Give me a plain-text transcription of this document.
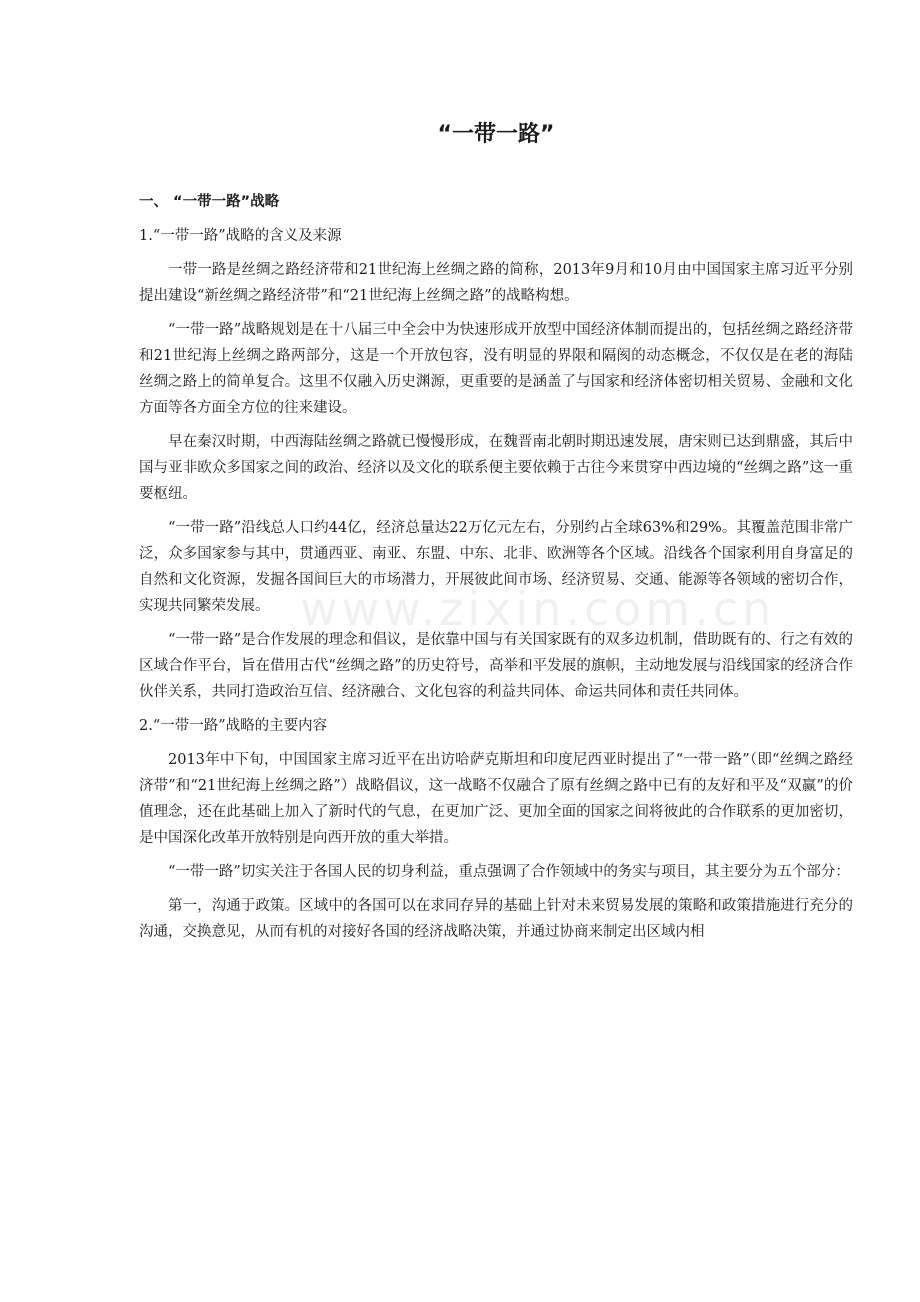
“一带一路”
一、 “一带一路”战略
1.“一带一路”战略的含义及来源

一带一路是丝绸之路经济带和21世纪海上丝绸之路的简称，2013年9月和10月由中国国家主席习近平分别提出建设“新丝绸之路经济带”和“21世纪海上丝绸之路”的战略构想。

“一带一路”战略规划是在十八届三中全会中为快速形成开放型中国经济体制而提出的，包括丝绸之路经济带和21世纪海上丝绸之路两部分，这是一个开放包容，没有明显的界限和隔阂的动态概念，不仅仅是在老的海陆丝绸之路上的简单复合。这里不仅融入历史渊源，更重要的是涵盖了与国家和经济体密切相关贸易、金融和文化方面等各方面全方位的往来建设。

早在秦汉时期，中西海陆丝绸之路就已慢慢形成，在魏晋南北朝时期迅速发展，唐宋则已达到鼎盛，其后中国与亚非欧众多国家之间的政治、经济以及文化的联系便主要依赖于古往今来贯穿中西边境的“丝绸之路”这一重要枢纽。

“一带一路”沿线总人口约44亿，经济总量达22万亿元左右，分别约占全球63%和29%。其覆盖范围非常广泛，众多国家参与其中，贯通西亚、南亚、东盟、中东、北非、欧洲等各个区域。沿线各个国家利用自身富足的自然和文化资源，发掘各国间巨大的市场潜力，开展彼此间市场、经济贸易、交通、能源等各领域的密切合作，实现共同繁荣发展。

“一带一路”是合作发展的理念和倡议，是依靠中国与有关国家既有的双多边机制，借助既有的、行之有效的区域合作平台，旨在借用古代“丝绸之路”的历史符号，高举和平发展的旗帜，主动地发展与沿线国家的经济合作伙伴关系，共同打造政治互信、经济融合、文化包容的利益共同体、命运共同体和责任共同体。

2.“一带一路”战略的主要内容

2013年中下旬，中国国家主席习近平在出访哈萨克斯坦和印度尼西亚时提出了“一带一路”（即“丝绸之路经济带”和“21世纪海上丝绸之路”）战略倡议，这一战略不仅融合了原有丝绸之路中已有的友好和平及“双赢”的价值理念，还在此基础上加入了新时代的气息，在更加广泛、更加全面的国家之间将彼此的合作联系的更加密切，是中国深化改革开放特别是向西开放的重大举措。

“一带一路”切实关注于各国人民的切身利益，重点强调了合作领域中的务实与项目，其主要分为五个部分：

第一，沟通于政策。区域中的各国可以在求同存异的基础上针对未来贸易发展的策略和政策措施进行充分的沟通，交换意见，从而有机的对接好各国的经济战略决策，并通过协商来制定出区域内相

www.zixin.com.cn
